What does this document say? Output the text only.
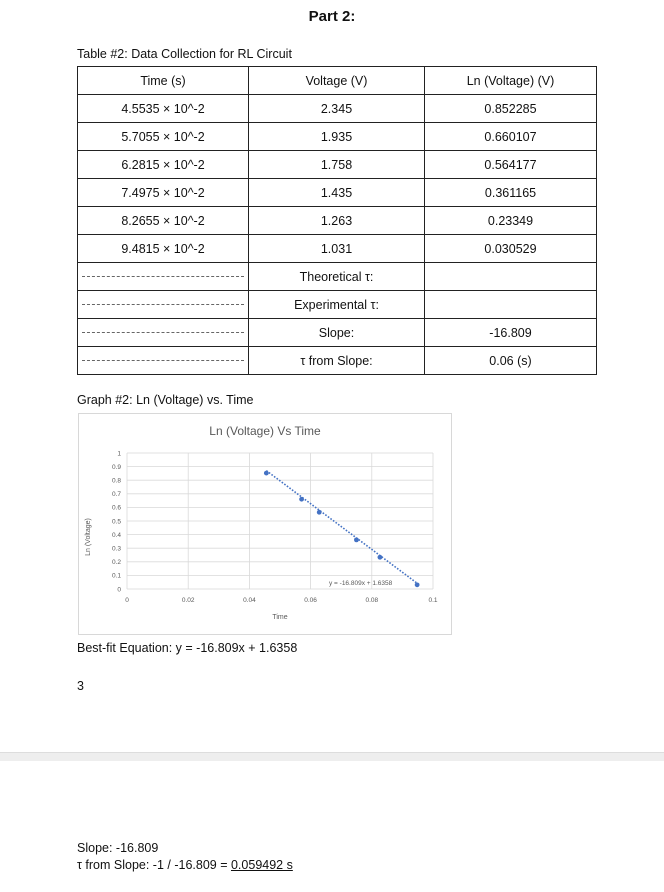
Part 2:
Table #2: Data Collection for RL Circuit
Time (s)	Voltage (V)	Ln (Voltage) (V)
4.5535 × 10^-2	2.345	0.852285
5.7055 × 10^-2	1.935	0.660107
6.2815 × 10^-2	1.758	0.564177
7.4975 × 10^-2	1.435	0.361165
8.2655 × 10^-2	1.263	0.23349
9.4815 × 10^-2	1.031	0.030529

	Theoretical τ:	

	Experimental τ:	

	Slope:	-16.809

	τ from Slope:	0.06 (s)
Graph #2: Ln (Voltage) vs. Time
Ln (Voltage) Vs Time
0
0.1
0.2
0.3
0.4
0.5
0.6
0.7
0.8
0.9
1
0	0.02	0.04	0.06	0.08	0.1
Time
Ln (Voltage)
y = -16.809x + 1.6358
Best-fit Equation: y = -16.809x + 1.6358
3
Slope: -16.809
τ from Slope: -1 / -16.809 = 0.059492 s
